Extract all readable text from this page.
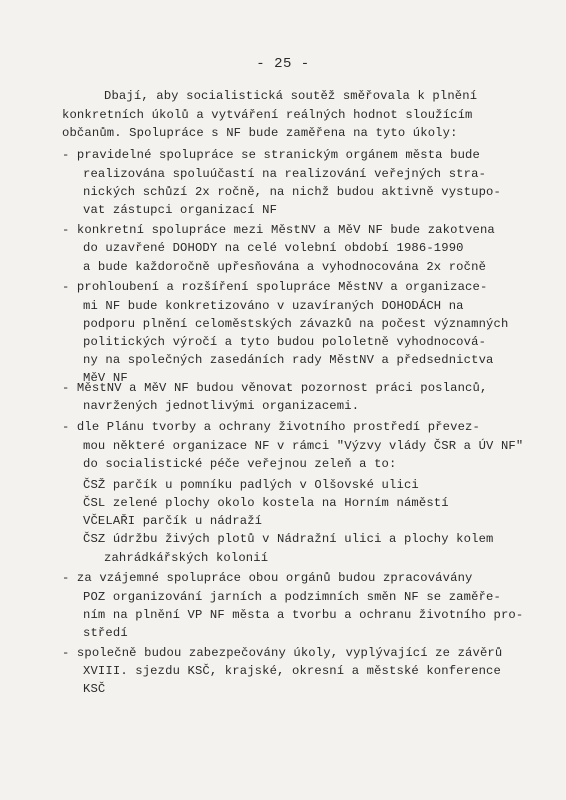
- 25 -
Dbají, aby socialistická soutěž směřovala k plnění
konkretních úkolů a vytváření reálných hodnot sloužícím
občanům. Spolupráce s NF bude zaměřena na tyto úkoly:
- pravidelné spolupráce se stranickým orgánem města bude
realizována spoluúčastí na realizování veřejných stra-
nických schůzí 2x ročně, na nichž budou aktivně vystupo-
vat zástupci organizací NF
- konkretní spolupráce mezi MěstNV a MěV NF bude zakotvena
do uzavřené DOHODY na celé volební období 1986-1990
a bude každoročně upřesňována a vyhodnocována 2x ročně
- prohloubení a rozšíření spolupráce MěstNV a organizace-
mi NF bude konkretizováno v uzavíraných DOHODÁCH na
podporu plnění celoměstských závazků na počest významných
politických výročí a tyto budou pololetně vyhodnocová-
ny na společných zasedáních rady MěstNV a předsednictva
MěV NF
- MěstNV a MěV NF budou věnovat pozornost práci poslanců,
navržených jednotlivými organizacemi.
- dle Plánu tvorby a ochrany životního prostředí převez-
mou některé organizace NF v rámci "Výzvy vlády ČSR a ÚV NF"
do socialistické péče veřejnou zeleň a to:
ČSŽ parčík u pomníku padlých v Olšovské ulici
ČSL zelené plochy okolo kostela na Horním náměstí
VČELAŘI parčík u nádraží
ČSZ údržbu živých plotů v Nádražní ulici a plochy kolem
zahrádkářských kolonií
- za vzájemné spolupráce obou orgánů budou zpracovávány
POZ organizování jarních a podzimních směn NF se zaměře-
ním na plnění VP NF města a tvorbu a ochranu životního pro-
středí
- společně budou zabezpečovány úkoly, vyplývající ze závěrů
XVIII. sjezdu KSČ, krajské, okresní a městské konference
KSČ
